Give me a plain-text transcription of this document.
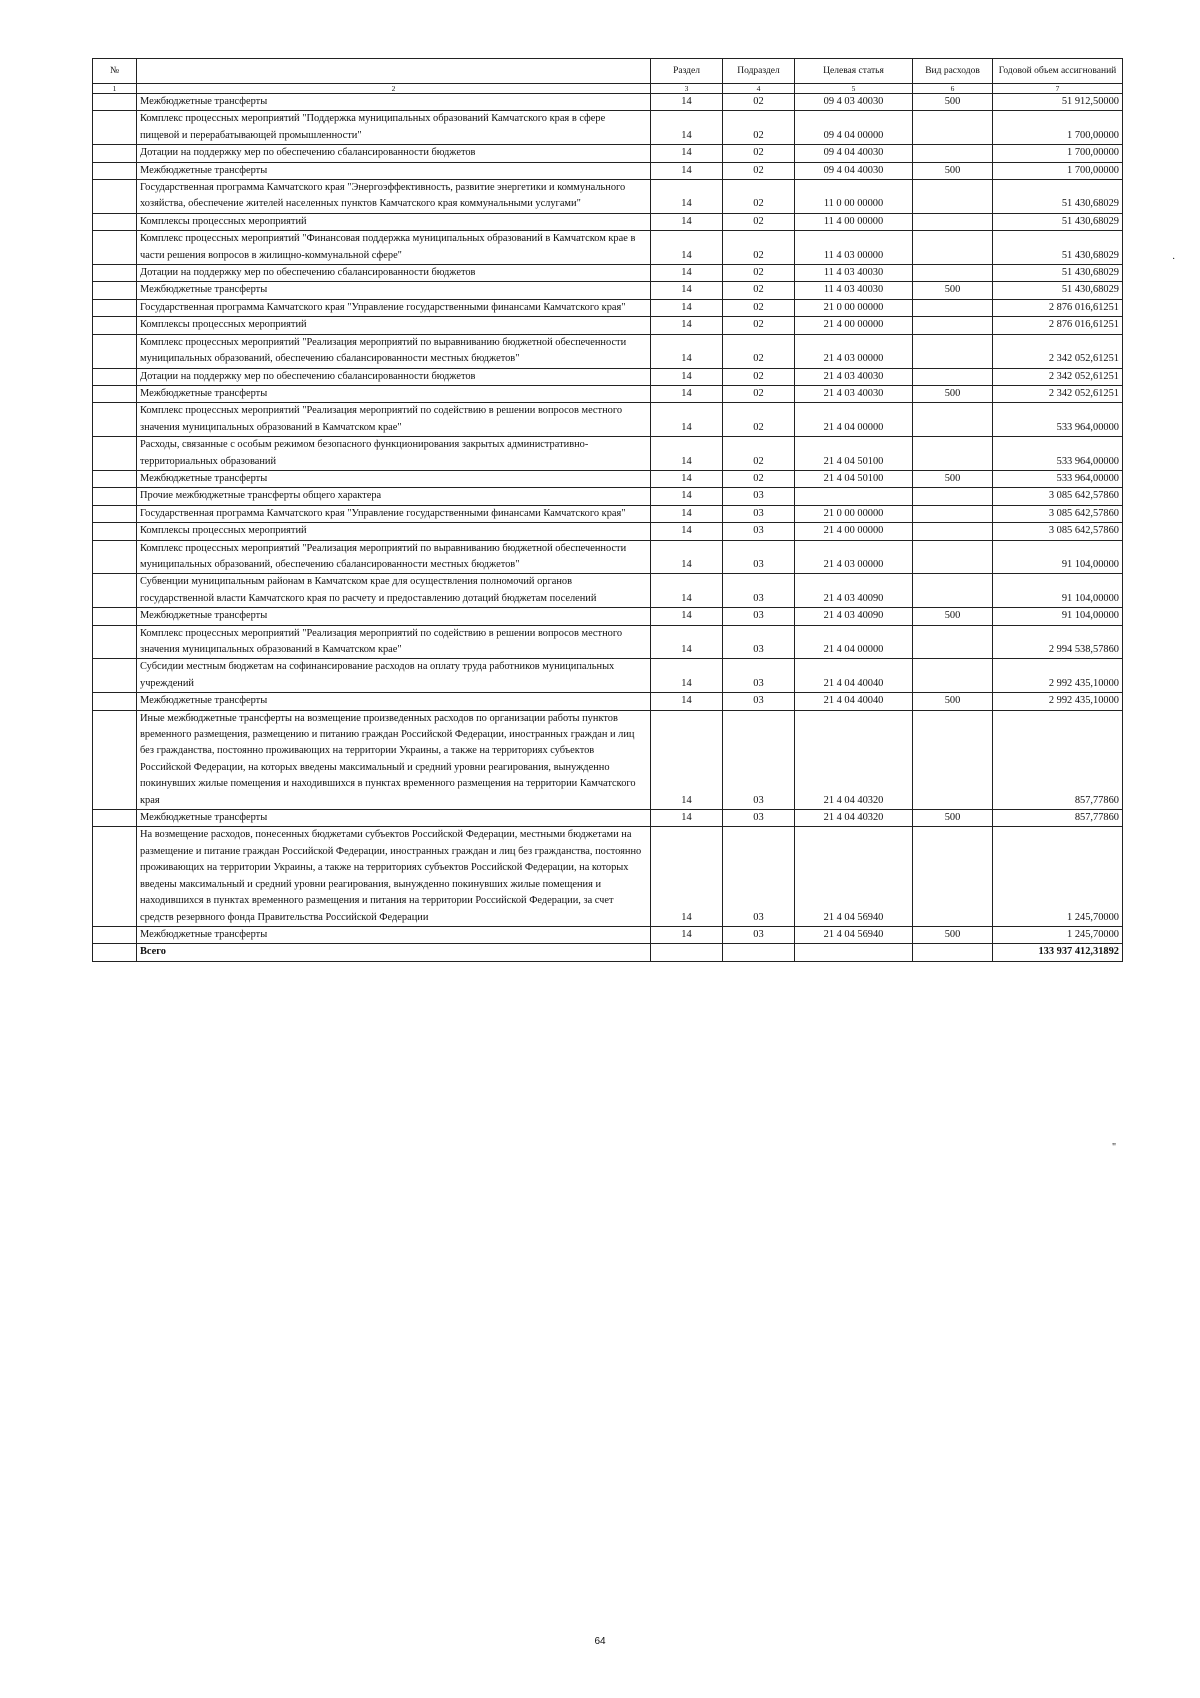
№		Раздел	Подраздел	Целевая статья	Вид расходов	Годовой объем ассигнований
1	2	3	4	5	6	7
	Межбюджетные трансферты	14	02	09 4 03 40030	500	51 912,50000
	Комплекс процессных мероприятий "Поддержка муниципальных образований Камчатского края в сфере пищевой и перерабатывающей промышленности"	14	02	09 4 04 00000		1 700,00000
	Дотации на поддержку мер по обеспечению сбалансированности бюджетов	14	02	09 4 04 40030		1 700,00000
	Межбюджетные трансферты	14	02	09 4 04 40030	500	1 700,00000
	Государственная программа Камчатского края "Энергоэффективность, развитие энергетики и коммунального хозяйства, обеспечение жителей населенных пунктов Камчатского края коммунальными услугами"	14	02	11 0 00 00000		51 430,68029
	Комплексы процессных мероприятий	14	02	11 4 00 00000		51 430,68029
	Комплекс процессных мероприятий "Финансовая поддержка муниципальных образований в Камчатском крае в части решения вопросов в жилищно-коммунальной сфере"	14	02	11 4 03 00000		51 430,68029
	Дотации на поддержку мер по обеспечению сбалансированности бюджетов	14	02	11 4 03 40030		51 430,68029
	Межбюджетные трансферты	14	02	11 4 03 40030	500	51 430,68029
	Государственная программа Камчатского края "Управление государственными финансами Камчатского края"	14	02	21 0 00 00000		2 876 016,61251
	Комплексы процессных мероприятий	14	02	21 4 00 00000		2 876 016,61251
	Комплекс процессных мероприятий "Реализация мероприятий по выравниванию бюджетной обеспеченности муниципальных образований, обеспечению сбалансированности местных бюджетов"	14	02	21 4 03 00000		2 342 052,61251
	Дотации на поддержку мер по обеспечению сбалансированности бюджетов	14	02	21 4 03 40030		2 342 052,61251
	Межбюджетные трансферты	14	02	21 4 03 40030	500	2 342 052,61251
	Комплекс процессных мероприятий "Реализация мероприятий по содействию в решении вопросов местного значения муниципальных образований в Камчатском крае"	14	02	21 4 04 00000		533 964,00000
	Расходы, связанные с особым режимом безопасного функционирования закрытых административно-территориальных образований	14	02	21 4 04 50100		533 964,00000
	Межбюджетные трансферты	14	02	21 4 04 50100	500	533 964,00000
	Прочие межбюджетные трансферты общего характера	14	03			3 085 642,57860
	Государственная программа Камчатского края "Управление государственными финансами Камчатского края"	14	03	21 0 00 00000		3 085 642,57860
	Комплексы процессных мероприятий	14	03	21 4 00 00000		3 085 642,57860
	Комплекс процессных мероприятий "Реализация мероприятий по выравниванию бюджетной обеспеченности муниципальных образований, обеспечению сбалансированности местных бюджетов"	14	03	21 4 03 00000		91 104,00000
	Субвенции муниципальным районам в Камчатском крае для осуществления полномочий органов государственной власти Камчатского края по расчету и предоставлению дотаций бюджетам поселений	14	03	21 4 03 40090		91 104,00000
	Межбюджетные трансферты	14	03	21 4 03 40090	500	91 104,00000
	Комплекс процессных мероприятий "Реализация мероприятий по содействию в решении вопросов местного значения муниципальных образований в Камчатском крае"	14	03	21 4 04 00000		2 994 538,57860
	Субсидии местным бюджетам на софинансирование расходов на оплату труда работников муниципальных учреждений	14	03	21 4 04 40040		2 992 435,10000
	Межбюджетные трансферты	14	03	21 4 04 40040	500	2 992 435,10000
	Иные межбюджетные трансферты на возмещение произведенных расходов по организации работы пунктов временного размещения, размещению и питанию граждан Российской Федерации, иностранных граждан и лиц без гражданства, постоянно проживающих на территории Украины, а также на территориях субъектов Российской Федерации, на которых введены максимальный и средний уровни реагирования, вынужденно покинувших жилые помещения и находившихся в пунктах временного размещения на территории Камчатского края	14	03	21 4 04 40320		857,77860
	Межбюджетные трансферты	14	03	21 4 04 40320	500	857,77860
	На возмещение расходов, понесенных бюджетами субъектов Российской Федерации, местными бюджетами на размещение и питание граждан Российской Федерации, иностранных граждан и лиц без гражданства, постоянно проживающих на территории Украины, а также на территориях субъектов Российской Федерации, на которых введены максимальный и средний уровни реагирования, вынужденно покинувших жилые помещения и находившихся в пунктах временного размещения и питания на территории Российской Федерации, за счет средств резервного фонда Правительства Российской Федерации	14	03	21 4 04 56940		1 245,70000
	Межбюджетные трансферты	14	03	21 4 04 56940	500	1 245,70000
	Всего					133 937 412,31892
"
·
64
